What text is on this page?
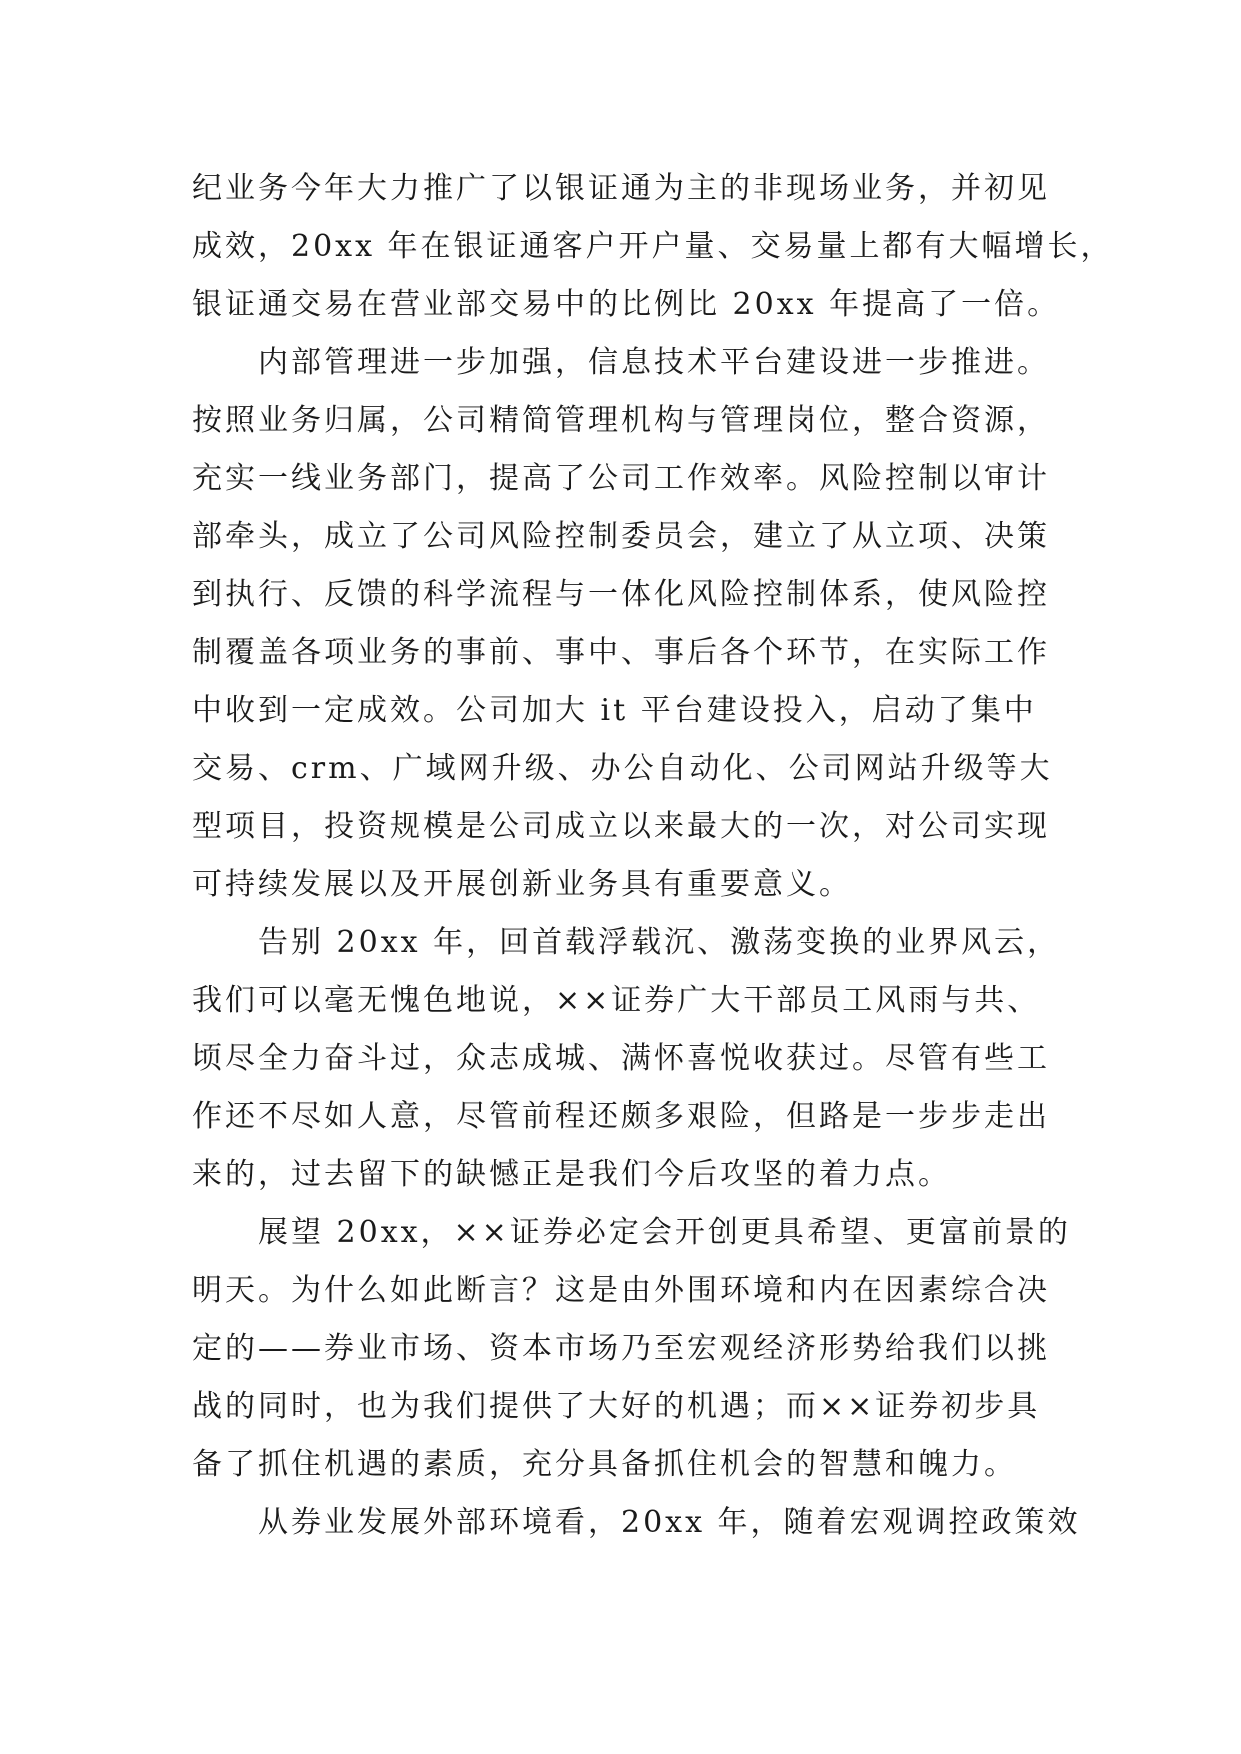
纪业务今年大力推广了以银证通为主的非现场业务，并初见
成效，20xx 年在银证通客户开户量、交易量上都有大幅增长，
银证通交易在营业部交易中的比例比 20xx 年提高了一倍。
内部管理进一步加强，信息技术平台建设进一步推进。
按照业务归属，公司精简管理机构与管理岗位，整合资源，
充实一线业务部门，提高了公司工作效率。风险控制以审计
部牵头，成立了公司风险控制委员会，建立了从立项、决策
到执行、反馈的科学流程与一体化风险控制体系，使风险控
制覆盖各项业务的事前、事中、事后各个环节，在实际工作
中收到一定成效。公司加大 it 平台建设投入，启动了集中
交易、crm、广域网升级、办公自动化、公司网站升级等大
型项目，投资规模是公司成立以来最大的一次，对公司实现
可持续发展以及开展创新业务具有重要意义。
告别 20xx 年，回首载浮载沉、激荡变换的业界风云，
我们可以毫无愧色地说，××证券广大干部员工风雨与共、
顷尽全力奋斗过，众志成城、满怀喜悦收获过。尽管有些工
作还不尽如人意，尽管前程还颇多艰险，但路是一步步走出
来的，过去留下的缺憾正是我们今后攻坚的着力点。
展望 20xx，××证券必定会开创更具希望、更富前景的
明天。为什么如此断言？这是由外围环境和内在因素综合决
定的——券业市场、资本市场乃至宏观经济形势给我们以挑
战的同时，也为我们提供了大好的机遇；而××证券初步具
备了抓住机遇的素质，充分具备抓住机会的智慧和魄力。
从券业发展外部环境看，20xx 年，随着宏观调控政策效
